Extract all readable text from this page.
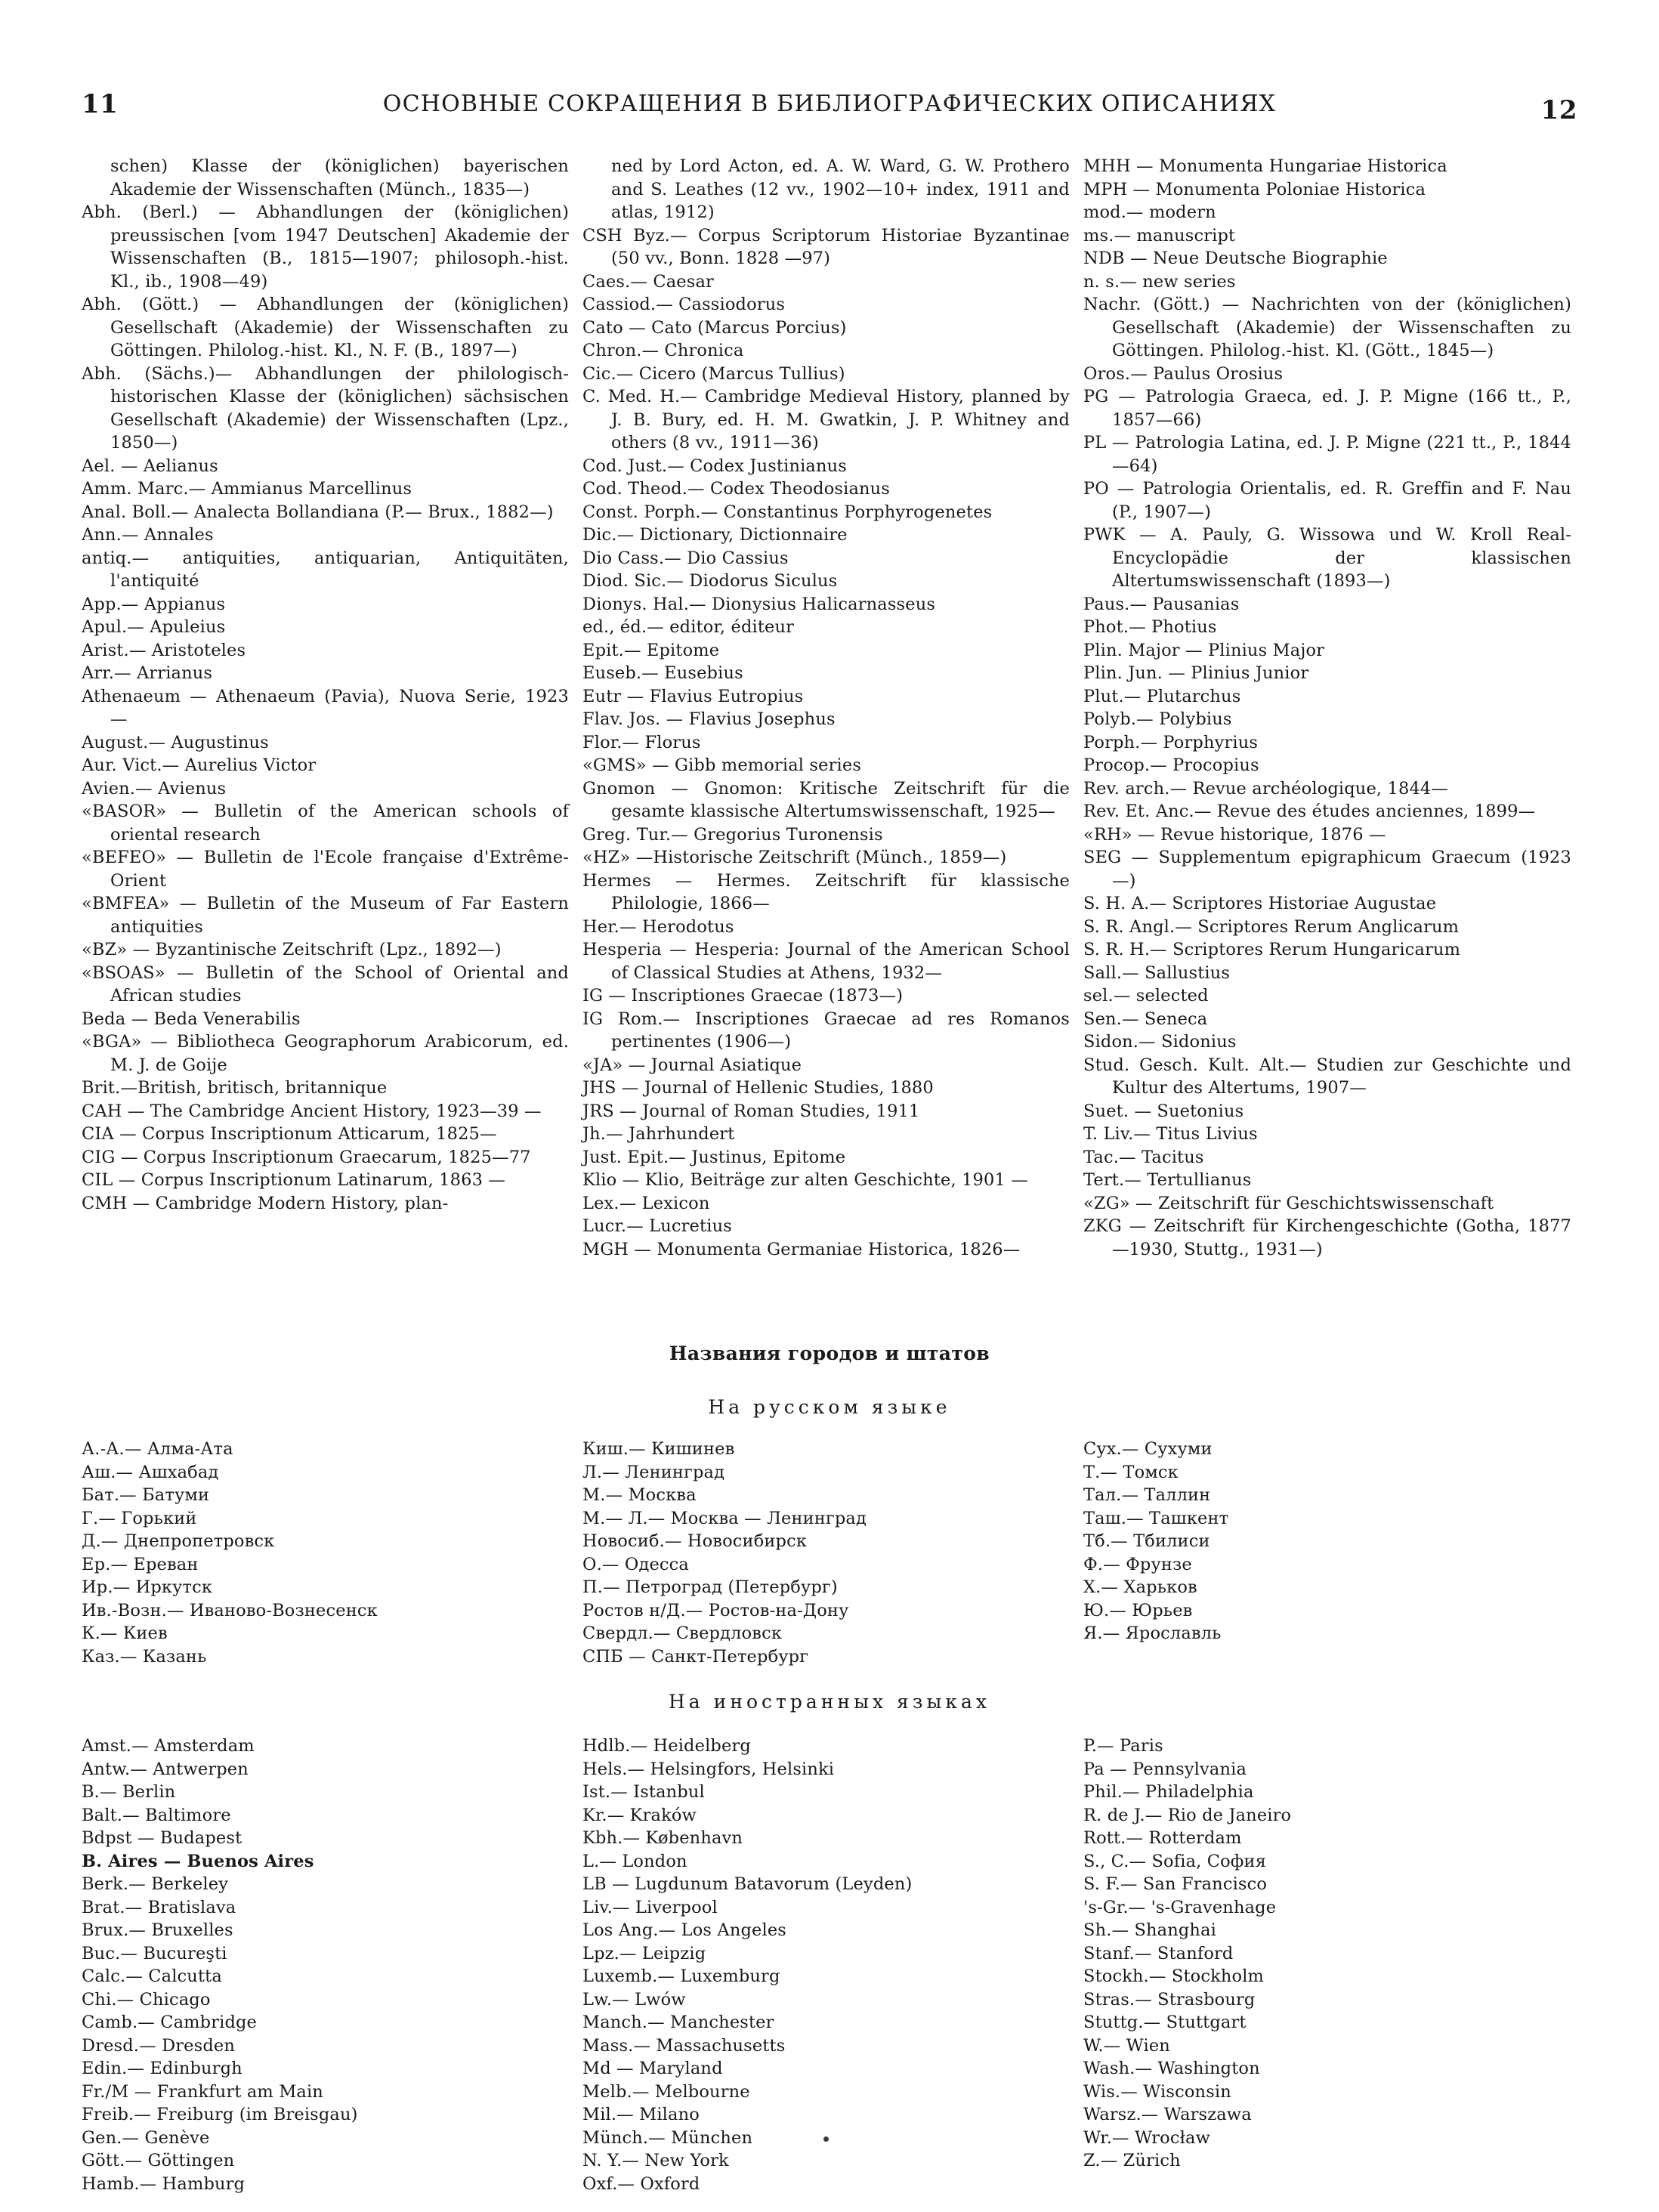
11	ОСНОВНЫЕ СОКРАЩЕНИЯ В БИБЛИОГРАФИЧЕСКИХ ОПИСАНИЯХ	12

schen) Klasse der (königlichen) bayerischen Akademie der Wissenschaften (Münch., 1835—)

Abh. (Berl.) — Abhandlungen der (königlichen) preussischen [vom 1947 Deutschen] Akademie der Wissenschaften (B., 1815—1907; philosoph.-hist. Kl., ib., 1908—49)

Abh. (Gött.) — Abhandlungen der (königlichen) Gesellschaft (Akademie) der Wissenschaften zu Göttingen. Philolog.-hist. Kl., N. F. (B., 1897—)

Abh. (Sächs.)— Abhandlungen der philologisch-historischen Klasse der (königlichen) sächsischen Gesellschaft (Akademie) der Wissenschaften (Lpz., 1850—)

Ael. — Aelianus

Amm. Marc.— Ammianus Marcellinus

Anal. Boll.— Analecta Bollandiana (P.— Brux., 1882—)

Ann.— Annales

antiq.— antiquities, antiquarian, Antiquitäten, l'antiquité

App.— Appianus

Apul.— Apuleius

Arist.— Aristoteles

Arr.— Arrianus

Athenaeum — Athenaeum (Pavia), Nuova Serie, 1923 —

August.— Augustinus

Aur. Vict.— Aurelius Victor

Avien.— Avienus

«BASOR» — Bulletin of the American schools of oriental research

«BEFEO» — Bulletin de l'Ecole française d'Extrême-Orient

«BMFEA» — Bulletin of the Museum of Far Eastern antiquities

«BZ» — Byzantinische Zeitschrift (Lpz., 1892—)

«BSOAS» — Bulletin of the School of Oriental and African studies

Beda — Beda Venerabilis

«BGA» — Bibliotheca Geographorum Arabicorum, ed. M. J. de Goije

Brit.—British, britisch, britannique

CAH — The Cambridge Ancient History, 1923—39 —

CIA — Corpus Inscriptionum Atticarum, 1825—

CIG — Corpus Inscriptionum Graecarum, 1825—77

CIL — Corpus Inscriptionum Latinarum, 1863 —

CMH — Cambridge Modern History, plan-

ned by Lord Acton, ed. A. W. Ward, G. W. Prothero and S. Leathes (12 vv., 1902—10+ index, 1911 and atlas, 1912)

CSH Byz.— Corpus Scriptorum Historiae Byzantinae (50 vv., Bonn. 1828 —97)

Caes.— Caesar

Cassiod.— Cassiodorus

Cato — Cato (Marcus Porcius)

Chron.— Chronica

Cic.— Cicero (Marcus Tullius)

C. Med. H.— Cambridge Medieval History, planned by J. B. Bury, ed. H. M. Gwatkin, J. P. Whitney and others (8 vv., 1911—36)

Cod. Just.— Codex Justinianus

Cod. Theod.— Codex Theodosianus

Const. Porph.— Constantinus Porphyrogenetes

Dic.— Dictionary, Dictionnaire

Dio Cass.— Dio Cassius

Diod. Sic.— Diodorus Siculus

Dionys. Hal.— Dionysius Halicarnasseus

ed., éd.— editor, éditeur

Epit.— Epitome

Euseb.— Eusebius

Eutr — Flavius Eutropius

Flav. Jos. — Flavius Josephus

Flor.— Florus

«GMS» — Gibb memorial series

Gnomon — Gnomon: Kritische Zeitschrift für die gesamte klassische Altertumswissenschaft, 1925—

Greg. Tur.— Gregorius Turonensis

«HZ» —Historische Zeitschrift (Münch., 1859—)

Hermes — Hermes. Zeitschrift für klassische Philologie, 1866—

Her.— Herodotus

Hesperia — Hesperia: Journal of the American School of Classical Studies at Athens, 1932—

IG — Inscriptiones Graecae (1873—)

IG Rom.— Inscriptiones Graecae ad res Romanos pertinentes (1906—)

«JA» — Journal Asiatique

JHS — Journal of Hellenic Studies, 1880

JRS — Journal of Roman Studies, 1911

Jh.— Jahrhundert

Just. Epit.— Justinus, Epitome

Klio — Klio, Beiträge zur alten Geschichte, 1901 —

Lex.— Lexicon

Lucr.— Lucretius

MGH — Monumenta Germaniae Historica, 1826—

MHH — Monumenta Hungariae Historica

MPH — Monumenta Poloniae Historica

mod.— modern

ms.— manuscript

NDB — Neue Deutsche Biographie

n. s.— new series

Nachr. (Gött.) — Nachrichten von der (königlichen) Gesellschaft (Akademie) der Wissenschaften zu Göttingen. Philolog.-hist. Kl. (Gött., 1845—)

Oros.— Paulus Orosius

PG — Patrologia Graeca, ed. J. P. Migne (166 tt., P., 1857—66)

PL — Patrologia Latina, ed. J. P. Migne (221 tt., P., 1844—64)

PO — Patrologia Orientalis, ed. R. Greffin and F. Nau (P., 1907—)

PWK — A. Pauly, G. Wissowa und W. Kroll Real-Encyclopädie der klassischen Altertumswissenschaft (1893—)

Paus.— Pausanias

Phot.— Photius

Plin. Major — Plinius Major

Plin. Jun. — Plinius Junior

Plut.— Plutarchus

Polyb.— Polybius

Porph.— Porphyrius

Procop.— Procopius

Rev. arch.— Revue archéologique, 1844—

Rev. Et. Anc.— Revue des études anciennes, 1899—

«RH» — Revue historique, 1876 —

SEG — Supplementum epigraphicum Graecum (1923—)

S. H. A.— Scriptores Historiae Augustae

S. R. Angl.— Scriptores Rerum Anglicarum

S. R. H.— Scriptores Rerum Hungaricarum

Sall.— Sallustius

sel.— selected

Sen.— Seneca

Sidon.— Sidonius

Stud. Gesch. Kult. Alt.— Studien zur Geschichte und Kultur des Altertums, 1907—

Suet. — Suetonius

T. Liv.— Titus Livius

Tac.— Tacitus

Tert.— Tertullianus

«ZG» — Zeitschrift für Geschichtswissenschaft

ZKG — Zeitschrift für Kirchengeschichte (Gotha, 1877—1930, Stuttg., 1931—)

Названия городов и штатов
На русском языке

А.-А.— Алма-Ата

Аш.— Ашхабад

Бат.— Батуми

Г.— Горький

Д.— Днепропетровск

Ер.— Ереван

Ир.— Иркутск

Ив.-Возн.— Иваново-Вознесенск

К.— Киев

Каз.— Казань

Киш.— Кишинев

Л.— Ленинград

М.— Москва

М.— Л.— Москва — Ленинград

Новосиб.— Новосибирск

О.— Одесса

П.— Петроград (Петербург)

Ростов н/Д.— Ростов-на-Дону

Свердл.— Свердловск

СПБ — Санкт-Петербург

Сух.— Сухуми

Т.— Томск

Тал.— Таллин

Таш.— Ташкент

Тб.— Тбилиси

Ф.— Фрунзе

X.— Харьков

Ю.— Юрьев

Я.— Ярославль

На иностранных языках

Amst.— Amsterdam

Antw.— Antwerpen

B.— Berlin

Balt.— Baltimore

Bdpst — Budapest

B. Aires — Buenos Aires

Berk.— Berkeley

Brat.— Bratislava

Brux.— Bruxelles

Buc.— Bucureşti

Calc.— Calcutta

Chi.— Chicago

Camb.— Cambridge

Dresd.— Dresden

Edin.— Edinburgh

Fr./M — Frankfurt am Main

Freib.— Freiburg (im Breisgau)

Gen.— Genève

Gött.— Göttingen

Hamb.— Hamburg

Hdlb.— Heidelberg

Hels.— Helsingfors, Helsinki

Ist.— Istanbul

Kr.— Kraków

Kbh.— København

L.— London

LB — Lugdunum Batavorum (Leyden)

Liv.— Liverpool

Los Ang.— Los Angeles

Lpz.— Leipzig

Luxemb.— Luxemburg

Lw.— Lwów

Manch.— Manchester

Mass.— Massachusetts

Md — Maryland

Melb.— Melbourne

Mil.— Milano

Münch.— München

N. Y.— New York

Oxf.— Oxford

P.— Paris

Pa — Pennsylvania

Phil.— Philadelphia

R. de J.— Rio de Janeiro

Rott.— Rotterdam

S., C.— Sofia, София

S. F.— San Francisco

's-Gr.— 's-Gravenhage

Sh.— Shanghai

Stanf.— Stanford

Stockh.— Stockholm

Stras.— Strasbourg

Stuttg.— Stuttgart

W.— Wien

Wash.— Washington

Wis.— Wisconsin

Warsz.— Warszawa

Wr.— Wrocław

Z.— Zürich
